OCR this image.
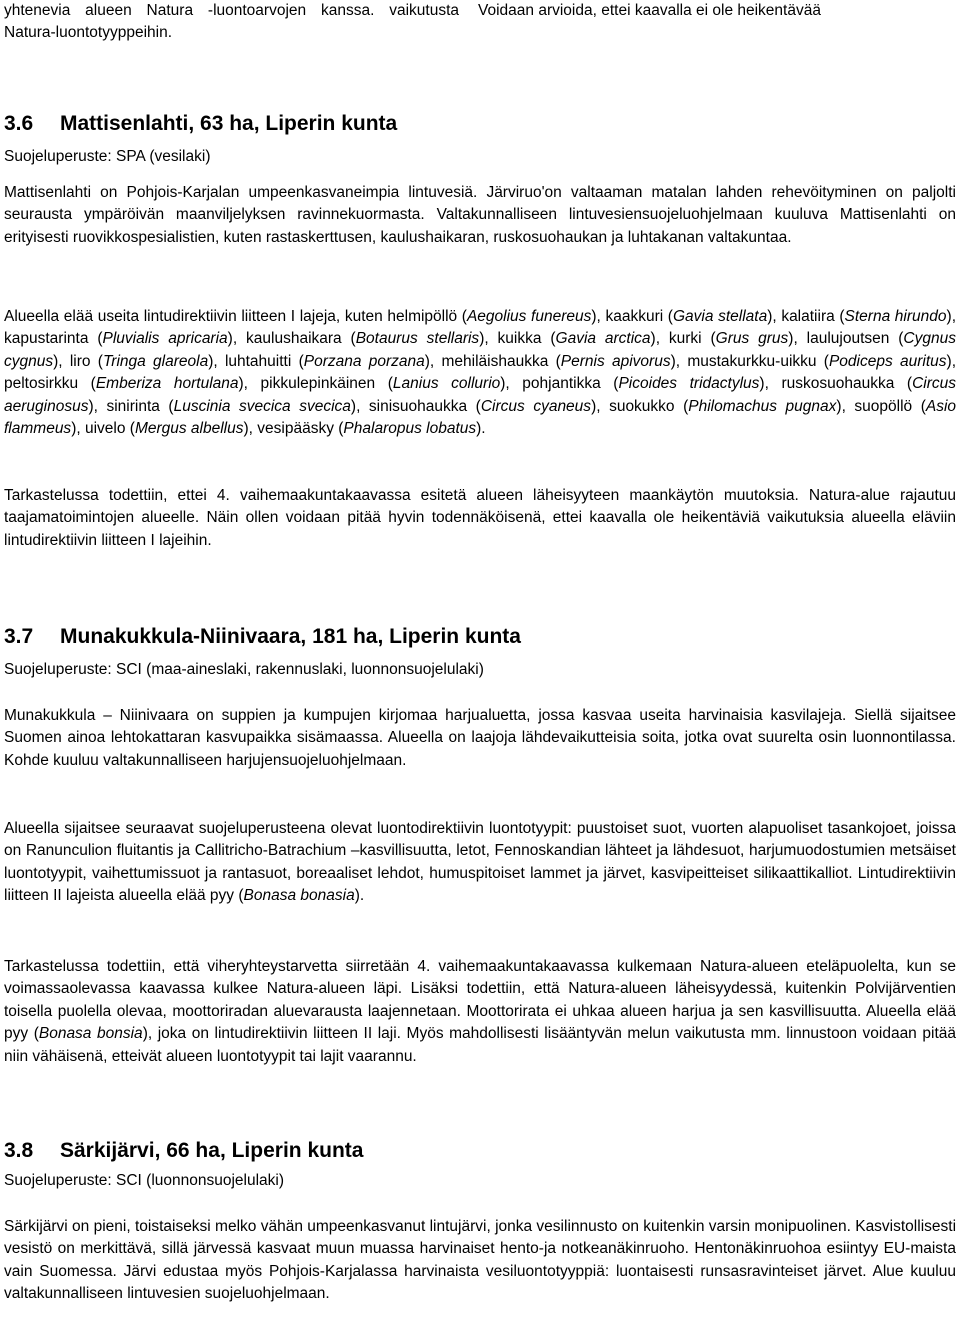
yhtenevia alueen Natura -luontoarvojen kanssa. vaikutusta Natura-luontotyyppeihin.

Voidaan arvioida, ettei kaavalla ei ole heikentävää

3.6 Mattisenlahti, 63 ha, Liperin kunta

Suojeluperuste: SPA (vesilaki)

Mattisenlahti on Pohjois-Karjalan umpeenkasvaneimpia lintuvesiä. Järviruo'on valtaaman matalan lahden rehevöityminen on paljolti seurausta ympäröivän maanviljelyksen ravinnekuormasta. Valtakunnalliseen lintuvesiensuojeluohjelmaan kuuluva Mattisenlahti on erityisesti ruovikkospesialistien, kuten rastaskerttusen, kaulushaikaran, ruskosuohaukan ja luhtakanan valtakuntaa.

Alueella elää useita lintudirektiivin liitteen I lajeja, kuten helmipöllö (Aegolius funereus), kaakkuri (Gavia stellata), kalatiira (Sterna hirundo), kapustarinta (Pluvialis apricaria), kaulushaikara (Botaurus stellaris), kuikka (Gavia arctica), kurki (Grus grus), laulujoutsen (Cygnus cygnus), liro (Tringa glareola), luhtahuitti (Porzana porzana), mehiläishaukka (Pernis apivorus), mustakurkku-uikku (Podiceps auritus), peltosirkku (Emberiza hortulana), pikkulepinkäinen (Lanius collurio), pohjantikka (Picoides tridactylus), ruskosuohaukka (Circus aeruginosus), sinirinta (Luscinia svecica svecica), sinisuohaukka (Circus cyaneus), suokukko (Philomachus pugnax), suopöllö (Asio flammeus), uivelo (Mergus albellus), vesipääsky (Phalaropus lobatus).

Tarkastelussa todettiin, ettei 4. vaihemaakuntakaavassa esitetä alueen läheisyyteen maankäytön muutoksia. Natura-alue rajautuu taajamatoimintojen alueelle. Näin ollen voidaan pitää hyvin todennäköisenä, ettei kaavalla ole heikentäviä vaikutuksia alueella eläviin lintudirektiivin liitteen I lajeihin.

3.7 Munakukkula-Niinivaara, 181 ha, Liperin kunta

Suojeluperuste: SCI (maa-aineslaki, rakennuslaki, luonnonsuojelulaki)

Munakukkula – Niinivaara on suppien ja kumpujen kirjomaa harjualuetta, jossa kasvaa useita harvinaisia kasvilajeja. Siellä sijaitsee Suomen ainoa lehtokattaran kasvupaikka sisämaassa. Alueella on laajoja lähdevaikutteisia soita, jotka ovat suurelta osin luonnontilassa. Kohde kuuluu valtakunnalliseen harjujensuojeluohjelmaan.

Alueella sijaitsee seuraavat suojeluperusteena olevat luontodirektiivin luontotyypit: puustoiset suot, vuorten alapuoliset tasankojoet, joissa on Ranunculion fluitantis ja Callitricho-Batrachium –kasvillisuutta, letot, Fennoskandian lähteet ja lähdesuot, harjumuodostumien metsäiset luontotyypit, vaihettumissuot ja rantasuot, boreaaliset lehdot, humuspitoiset lammet ja järvet, kasvipeitteiset silikaattikalliot. Lintudirektiivin liitteen II lajeista alueella elää pyy (Bonasa bonasia).

Tarkastelussa todettiin, että viheryhteystarvetta siirretään 4. vaihemaakuntakaavassa kulkemaan Natura-alueen eteläpuolelta, kun se voimassaolevassa kaavassa kulkee Natura-alueen läpi. Lisäksi todettiin, että Natura-alueen läheisyydessä, kuitenkin Polvijärventien toisella puolella olevaa, moottoriradan aluevarausta laajennetaan. Moottorirata ei uhkaa alueen harjua ja sen kasvillisuutta. Alueella elää pyy (Bonasa bonsia), joka on lintudirektiivin liitteen II laji. Myös mahdollisesti lisääntyvän melun vaikutusta mm. linnustoon voidaan pitää niin vähäisenä, etteivät alueen luontotyypit tai lajit vaarannu.

3.8 Särkijärvi, 66 ha, Liperin kunta

Suojeluperuste: SCI (luonnonsuojelulaki)

Särkijärvi on pieni, toistaiseksi melko vähän umpeenkasvanut lintujärvi, jonka vesilinnusto on kuitenkin varsin monipuolinen. Kasvistollisesti vesistö on merkittävä, sillä järvessä kasvaat muun muassa harvinaiset hento-ja notkeanäkinruoho. Hentonäkinruohoa esiintyy EU-maista vain Suomessa. Järvi edustaa myös Pohjois-Karjalassa harvinaista vesiluontotyyppiä: luontaisesti runsasravinteiset järvet. Alue kuuluu valtakunnalliseen lintuvesien suojeluohjelmaan.
